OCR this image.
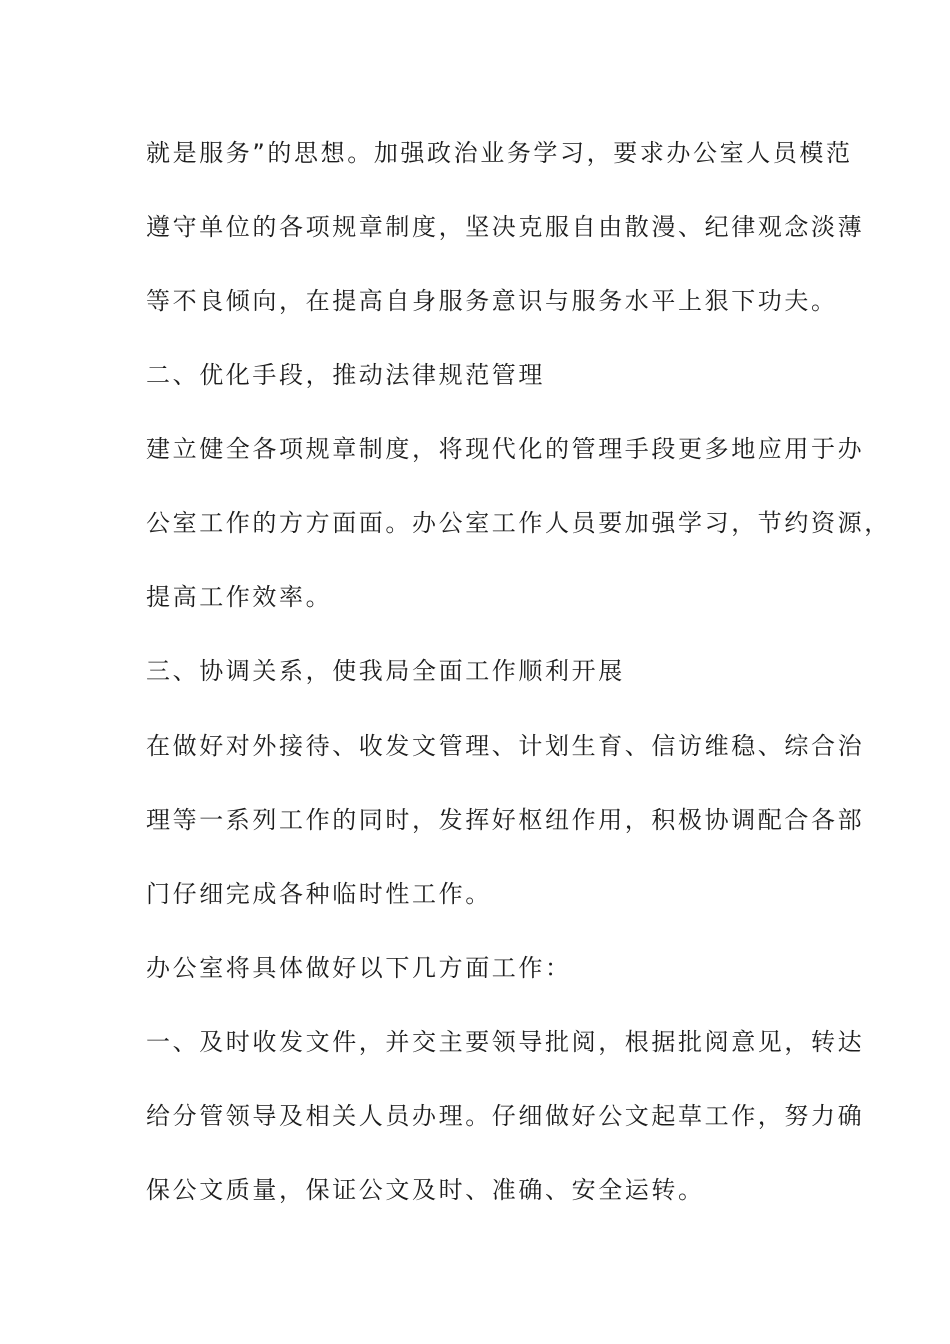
就是服务”的思想。加强政治业务学习，要求办公室人员模范
遵守单位的各项规章制度，坚决克服自由散漫、纪律观念淡薄
等不良倾向，在提高自身服务意识与服务水平上狠下功夫。
二、优化手段，推动法律规范管理
建立健全各项规章制度，将现代化的管理手段更多地应用于办
公室工作的方方面面。办公室工作人员要加强学习，节约资源，
提高工作效率。
三、协调关系，使我局全面工作顺利开展
在做好对外接待、收发文管理、计划生育、信访维稳、综合治
理等一系列工作的同时，发挥好枢纽作用，积极协调配合各部
门仔细完成各种临时性工作。
办公室将具体做好以下几方面工作：
一、及时收发文件，并交主要领导批阅，根据批阅意见，转达
给分管领导及相关人员办理。仔细做好公文起草工作，努力确
保公文质量，保证公文及时、准确、安全运转。
